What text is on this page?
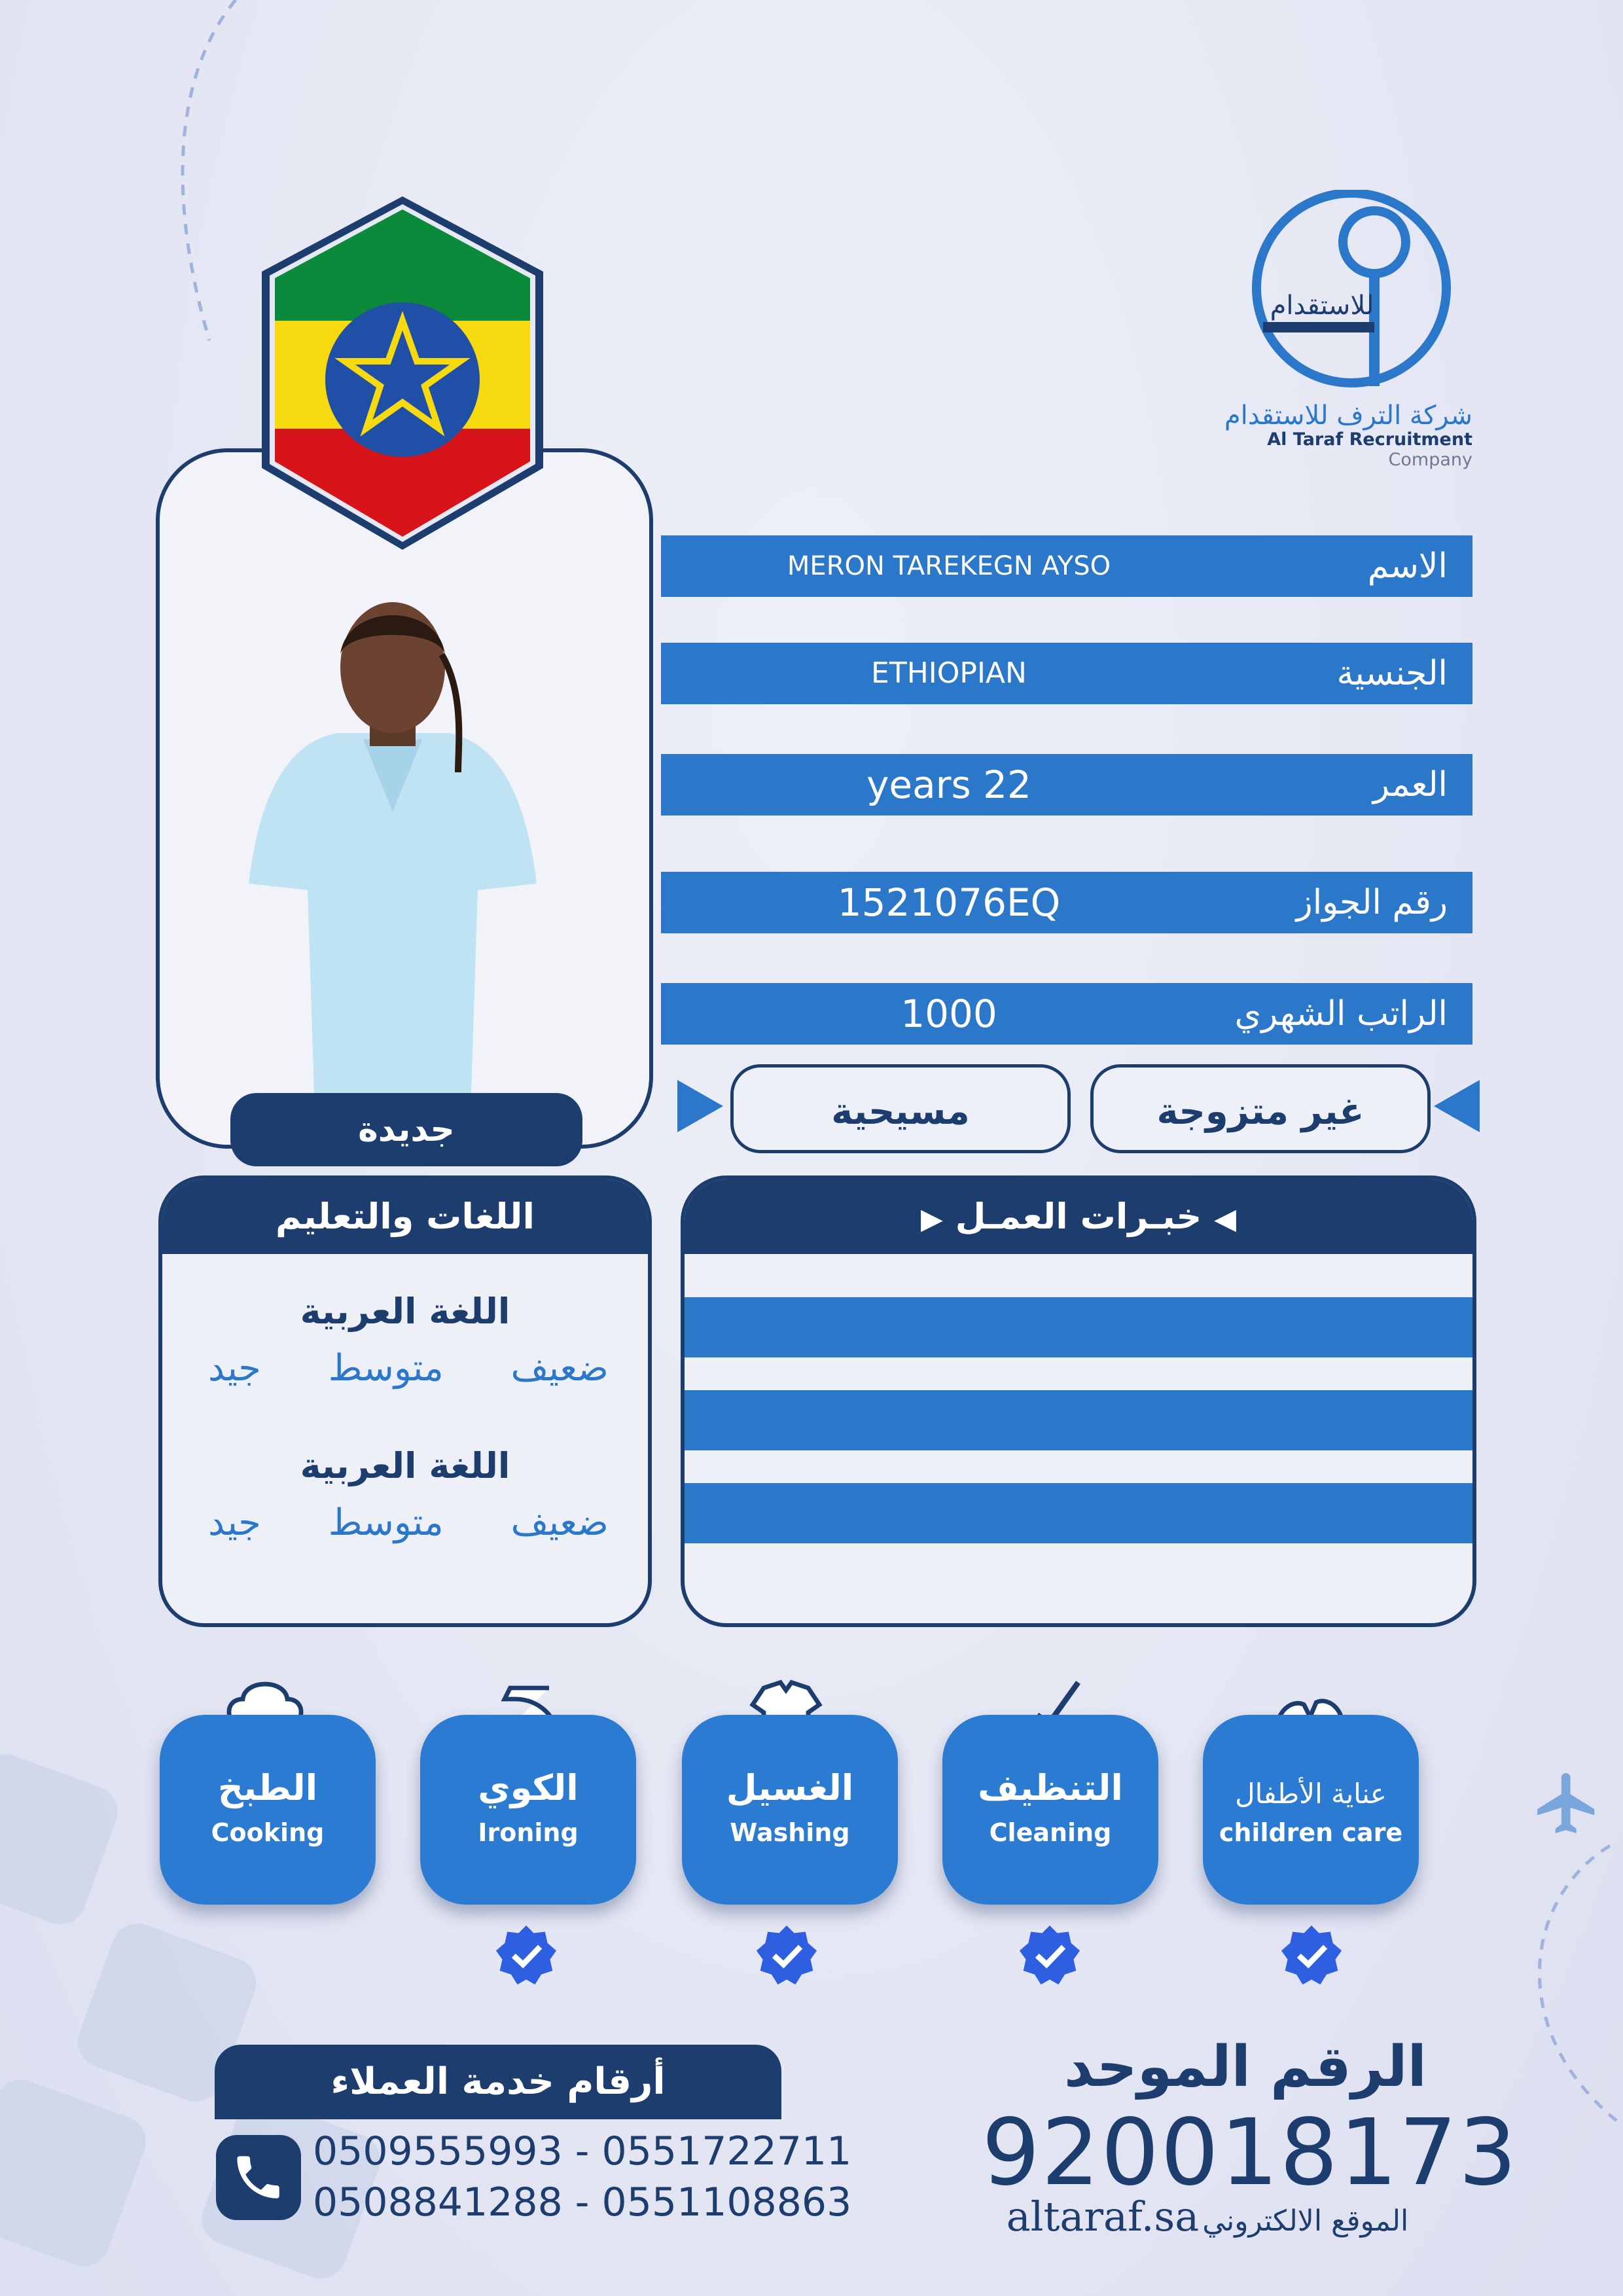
للاستقدام
شركة الترف للاستقدام
Al Taraf Recruitment Company
جديدة
الاسم
MERON TAREKEGN AYSO
الجنسية
ETHIOPIAN
العمر
years 22
رقم الجواز
1521076EQ
الراتب الشهري
1000
مسيحية	غير متزوجة
اللغات والتعليم
اللغة العربية
ضعيف
متوسط
جيد
اللغة العربية
ضعيف
متوسط
جيد
◀ خبـرات العمـل ▶
الطبخ
Cooking
الكوي
Ironing
الغسيل
Washing
التنظيف
Cleaning
عناية الأطفال
children care
أرقام خدمة العملاء
0509555993 - 0551722711
0508841288 - 0551108863
الرقم الموحد
920018173
altaraf.sa الموقع الالكتروني
